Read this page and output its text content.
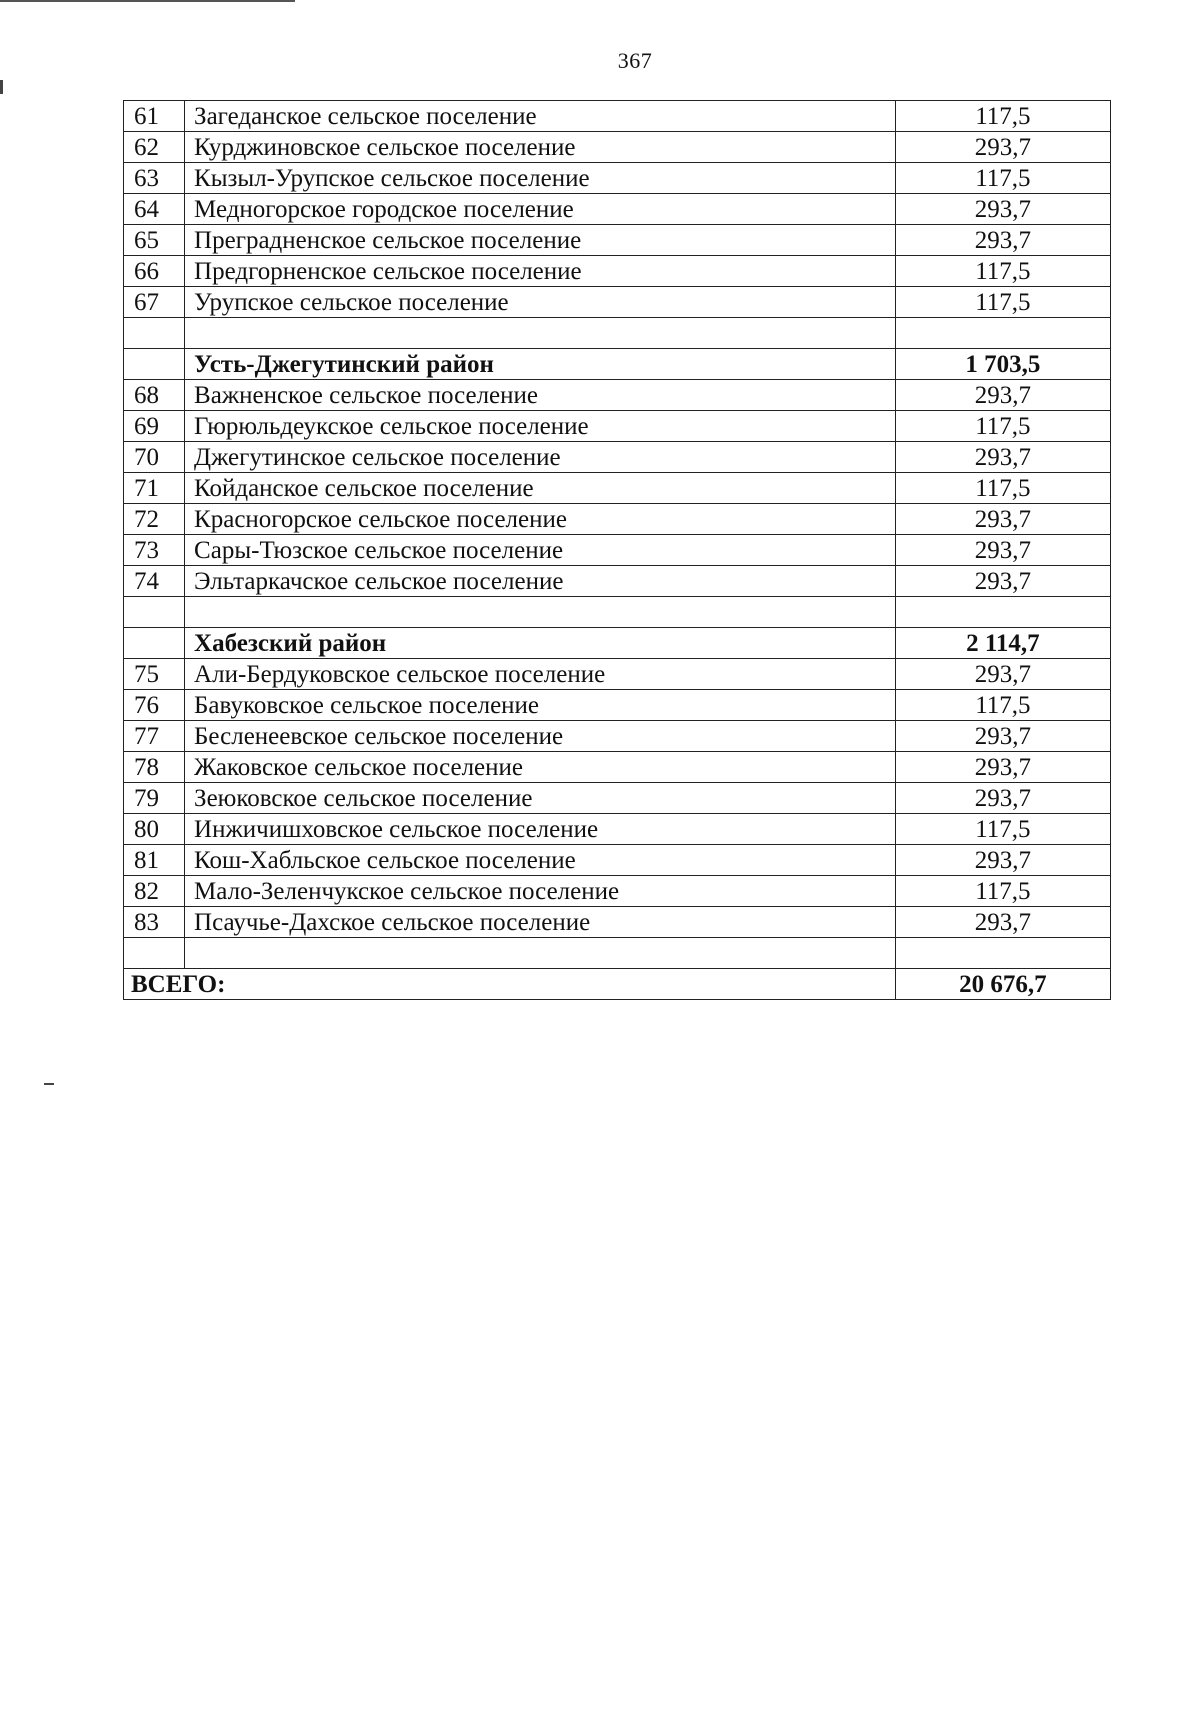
367
61	Загеданское сельское поселение	117,5
62	Курджиновское сельское поселение	293,7
63	Кызыл-Урупское сельское поселение	117,5
64	Медногорское городское поселение	293,7
65	Преградненское сельское поселение	293,7
66	Предгорненское сельское поселение	117,5
67	Урупское сельское поселение	117,5

	Усть-Джегутинский район	1 703,5
68	Важненское сельское поселение	293,7
69	Гюрюльдеукское сельское поселение	117,5
70	Джегутинское сельское поселение	293,7
71	Койданское сельское поселение	117,5
72	Красногорское сельское поселение	293,7
73	Сары-Тюзское сельское поселение	293,7
74	Эльтаркачское сельское поселение	293,7

	Хабезский район	2 114,7
75	Али-Бердуковское сельское поселение	293,7
76	Бавуковское сельское поселение	117,5
77	Бесленеевское сельское поселение	293,7
78	Жаковское сельское поселение	293,7
79	Зеюковское сельское поселение	293,7
80	Инжичишховское сельское поселение	117,5
81	Кош-Хабльское сельское поселение	293,7
82	Мало-Зеленчукское сельское поселение	117,5
83	Псаучье-Дахское сельское поселение	293,7

ВСЕГО:		20 676,7
